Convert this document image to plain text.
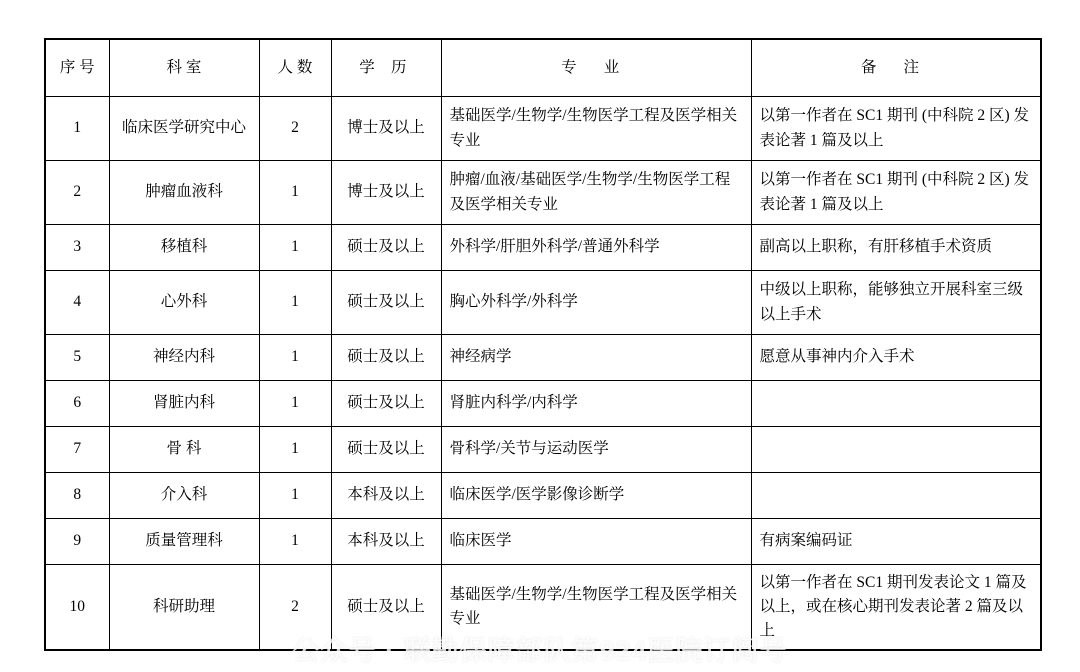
序 号	科 室	人 数	学 历	专 业	备 注
1	临床医学研究中心	2	博士及以上	基础医学/生物学/生物医学工程及医学相关专业	以第一作者在 SC1 期刊 (中科院 2 区) 发表论著 1 篇及以上
2	肿瘤血液科	1	博士及以上	肿瘤/血液/基础医学/生物学/生物医学工程及医学相关专业	以第一作者在 SC1 期刊 (中科院 2 区) 发表论著 1 篇及以上
3	移植科	1	硕士及以上	外科学/肝胆外科学/普通外科学	副高以上职称，有肝移植手术资质
4	心外科	1	硕士及以上	胸心外科学/外科学	中级以上职称，能够独立开展科室三级以上手术
5	神经内科	1	硕士及以上	神经病学	愿意从事神内介入手术
6	肾脏内科	1	硕士及以上	肾脏内科学/内科学	
7	骨 科	1	硕士及以上	骨科学/关节与运动医学	
8	介入科	1	本科及以上	临床医学/医学影像诊断学	
9	质量管理科	1	本科及以上	临床医学	有病案编码证
10	科研助理	2	硕士及以上	基础医学/生物学/生物医学工程及医学相关专业	以第一作者在 SC1 期刊发表论文 1 篇及以上，或在核心期刊发表论著 2 篇及以上
公众号 · 联勤保障部队第924医院订阅号
